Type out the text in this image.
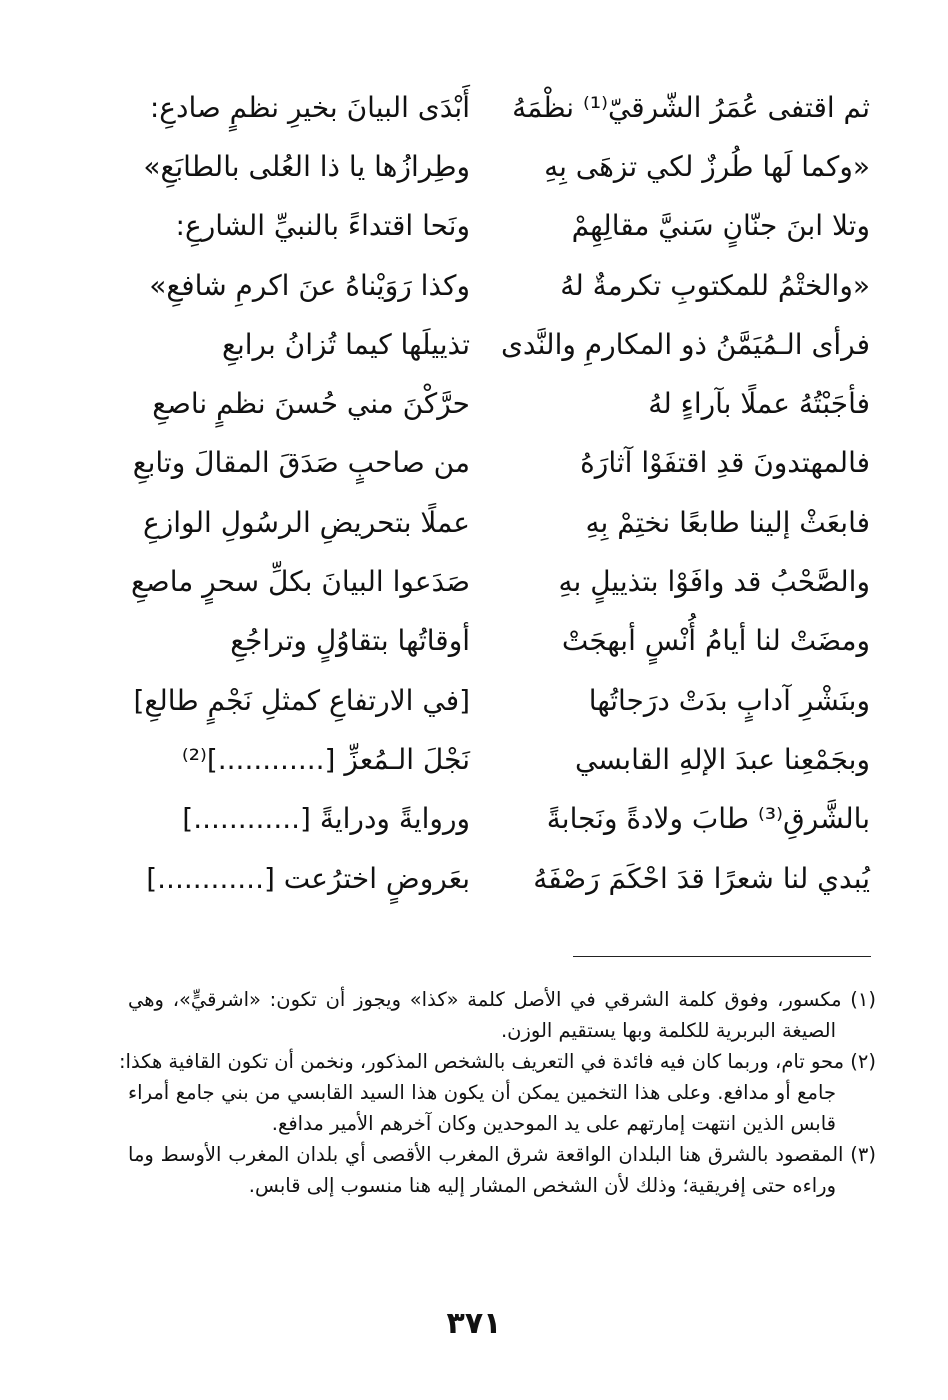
ثم اقتفى عُمَرُ الشّرقيّ⁽¹⁾ نظْمَهُ
أَبْدَى البيانَ بخيرِ نظمٍ صادعِ:
«وكما لَها طُرزٌ لكي تزهَى بِهِ
وطِرازُها يا ذا العُلى بالطابَعِ»
وتلا ابنَ جنّانٍ سَنيَّ مقالِهِمْ
ونَحا اقتداءً بالنبيِّ الشارعِ:
«والختْمُ للمكتوبِ تكرمةٌ لهُ
وكذا رَوَيْناهُ عنَ اكرمِ شافعِ»
فرأى الـمُيَمَّنُ ذو المكارمِ والنَّدى
تذييلَها كيما تُزانُ برابعِ
فأجَبْتُهُ عملًا بآراءٍ لهُ
حرَّكْنَ مني حُسنَ نظمٍ ناصعِ
فالمهتدونَ قدِ اقتفَوْا آثارَهُ
من صاحبٍ صَدَقَ المقالَ وتابعِ
فابعَثْ إلينا طابعًا نختِمْ بِهِ
عملًا بتحريضِ الرسُولِ الوازعِ
والصَّحْبُ قد وافَوْا بتذييلٍ بهِ
صَدَعوا البيانَ بكلِّ سحرٍ ماصعِ
ومضَتْ لنا أيامُ أُنْسٍ أبهجَتْ
أوقاتُها بتقاوُلٍ وتراجُعِ
وبنَشْرِ آدابٍ بدَتْ درَجاتُها
[في الارتفاعِ كمثلِ نَجْمٍ طالعِ]
وبجَمْعِنا عبدَ الإلهِ القابسي
نَجْلَ الـمُعزِّ [............]⁽²⁾
بالشَّرقِ⁽³⁾ طابَ ولادةً ونَجابةً
وروايةً ودرايةً [............]
يُبدي لنا شعرًا قدَ احْكَمَ رَصْفَهُ
بعَروضٍ اخترُعت [............]
(١) مكسور، وفوق كلمة الشرقي في الأصل كلمة «كذا» ويجوز أن تكون: «اشرقيٍّ»، وهي
الصيغة البربرية للكلمة وبها يستقيم الوزن.
(٢) محو تام، وربما كان فيه فائدة في التعريف بالشخص المذكور، ونخمن أن تكون القافية هكذا:
جامع أو مدافع. وعلى هذا التخمين يمكن أن يكون هذا السيد القابسي من بني جامع أمراء
قابس الذين انتهت إمارتهم على يد الموحدين وكان آخرهم الأمير مدافع.
(٣) المقصود بالشرق هنا البلدان الواقعة شرق المغرب الأقصى أي بلدان المغرب الأوسط وما
وراءه حتى إفريقية؛ وذلك لأن الشخص المشار إليه هنا منسوب إلى قابس.
٣٧١
